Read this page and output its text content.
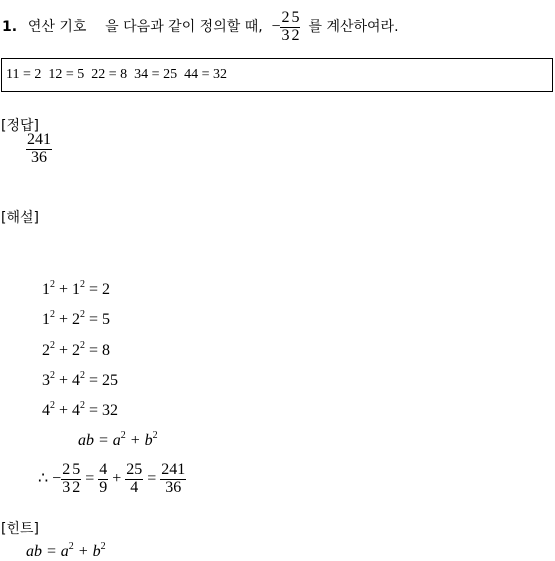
1. 연산 기호 을 다음과 같이 정의할 때, − $\frac{2}{3} \frac{5}{2}$ 를 계산하여라.
11 = 2  12 = 5  22 = 8  34 = 25  44 = 32
[정답]
$\frac{241}{36}$
[해설]
$1^2 + 1^2 = 2$
$1^2 + 2^2 = 5$
$2^2 + 2^2 = 8$
$3^2 + 4^2 = 25$
$4^2 + 4^2 = 32$
ab = $a^2 + b^2$
∴ − $\frac{2}{3} \frac{5}{2} = \frac{4}{9} + \frac{25}{4} = \frac{241}{36}$
[힌트]
ab = $a^2 + b^2$
